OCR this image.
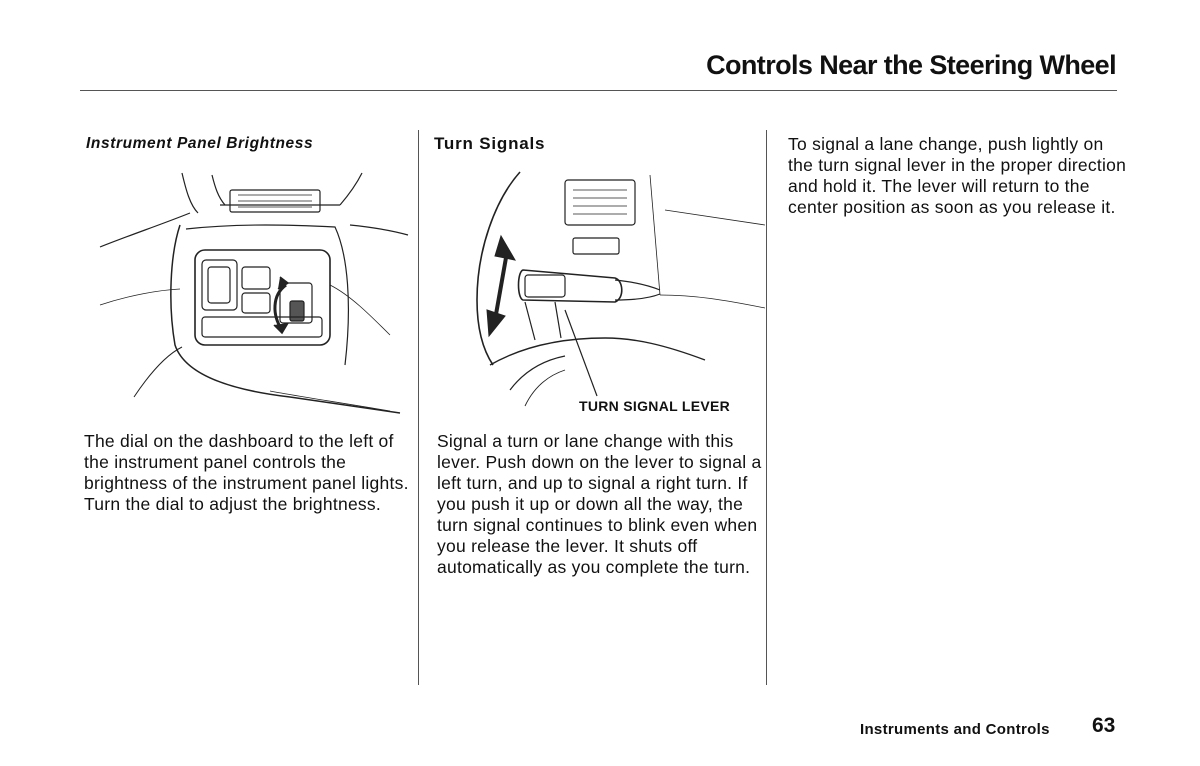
Controls Near the Steering Wheel
Instrument Panel Brightness

The dial on the dashboard to the left of the instrument panel controls the brightness of the instrument panel lights. Turn the dial to adjust the brightness.

Turn Signals
TURN SIGNAL LEVER

Signal a turn or lane change with this lever. Push down on the lever to signal a left turn, and up to signal a right turn. If you push it up or down all the way, the turn signal continues to blink even when you release the lever. It shuts off automatically as you complete the turn.

To signal a lane change, push lightly on the turn signal lever in the proper direction and hold it. The lever will return to the center position as soon as you release it.

Instruments and Controls 63
